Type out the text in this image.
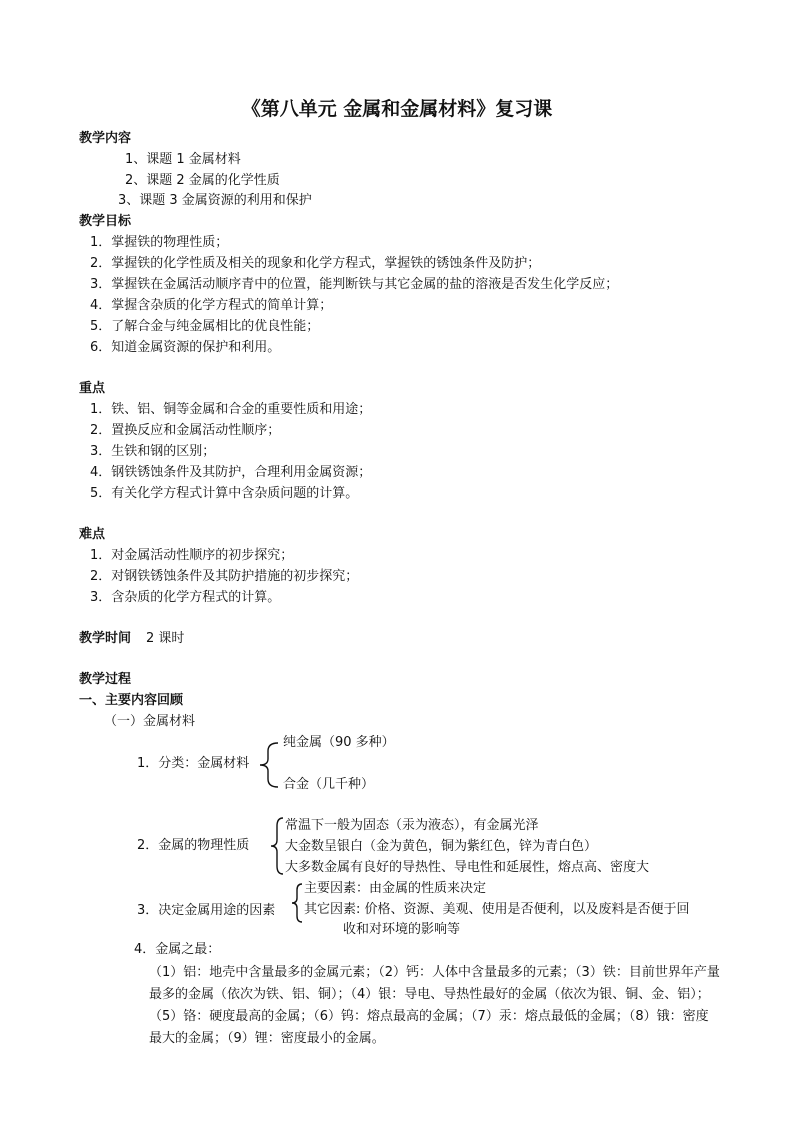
《第八单元 金属和金属材料》复习课
教学内容
1、课题 1 金属材料
2、课题 2 金属的化学性质
3、课题 3 金属资源的利用和保护
教学目标
1．掌握铁的物理性质；
2．掌握铁的化学性质及相关的现象和化学方程式，掌握铁的锈蚀条件及防护；
3．掌握铁在金属活动顺序青中的位置，能判断铁与其它金属的盐的溶液是否发生化学反应；
4．掌握含杂质的化学方程式的简单计算；
5．了解合金与纯金属相比的优良性能；
6．知道金属资源的保护和利用。
重点
1．铁、铝、铜等金属和合金的重要性质和用途；
2．置换反应和金属活动性顺序；
3．生铁和钢的区别；
4．钢铁锈蚀条件及其防护，合理利用金属资源；
5．有关化学方程式计算中含杂质问题的计算。
难点
1．对金属活动性顺序的初步探究；
2．对钢铁锈蚀条件及其防护措施的初步探究；
3．含杂质的化学方程式的计算。
教学时间 2 课时
教学过程
一、主要内容回顾
（一）金属材料
1．分类：金属材料
纯金属（90 多种）
合金（几千种）
2．金属的物理性质
常温下一般为固态（汞为液态），有金属光泽
大金数呈银白（金为黄色，铜为紫红色，锌为青白色）
大多数金属有良好的导热性、导电性和延展性，熔点高、密度大
3．决定金属用途的因素
主要因素：由金属的性质来决定
其它因素: 价格、资源、美观、使用是否便利，以及废料是否便于回
收和对环境的影响等
4．金属之最：
（1）铝：地壳中含量最多的金属元素；（2）钙：人体中含量最多的元素；（3）铁：目前世界年产量最多的金属（依次为铁、铝、铜）；（4）银：导电、导热性最好的金属（依次为银、铜、金、铝）；（5）铬：硬度最高的金属；（6）钨：熔点最高的金属；（7）汞：熔点最低的金属；（8）锇：密度最大的金属；（9）锂：密度最小的金属。
